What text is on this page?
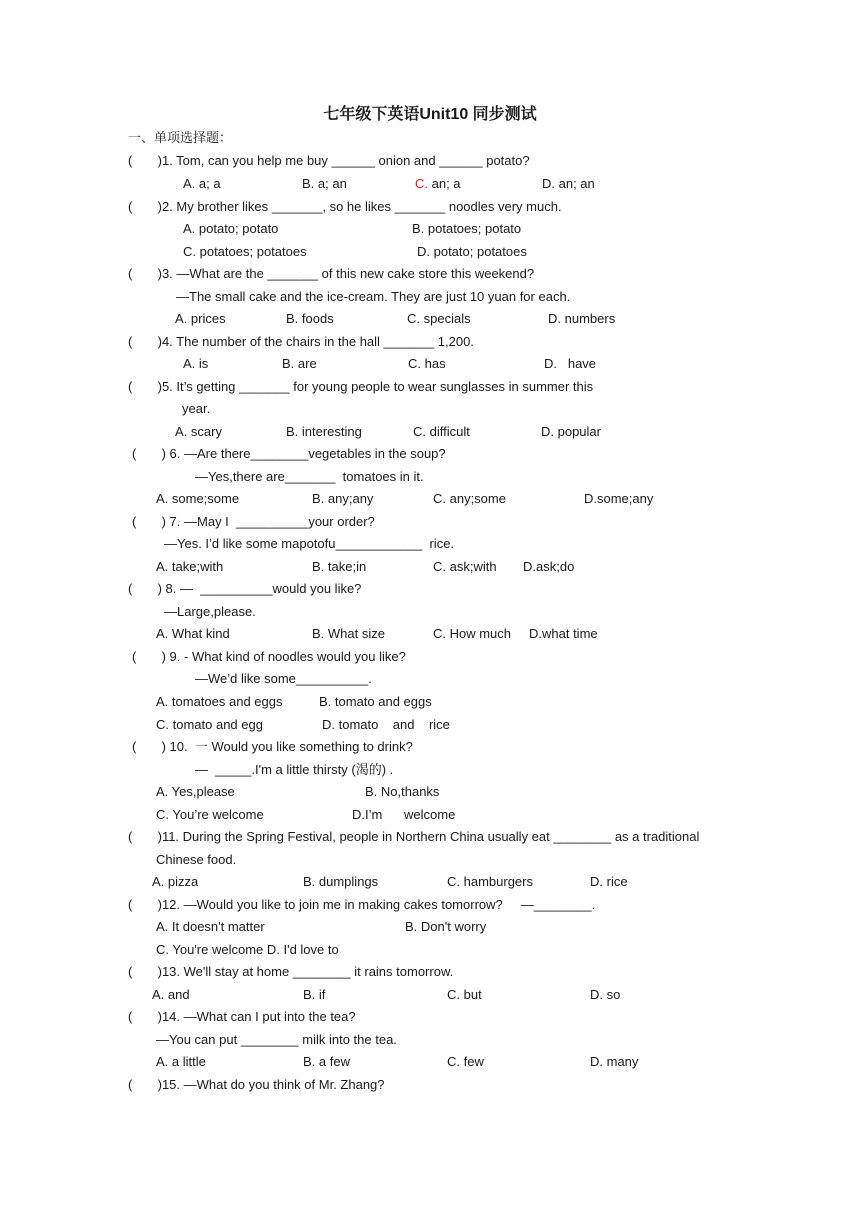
七年级下英语Unit10 同步测试
一、单项选择题：
(       )1. Tom, can you help me buy ______ onion and ______ potato?
A. a; a	B. a; an	C. an; a	D. an; an
(       )2. My brother likes _______, so he likes _______ noodles very much.
A. potato; potato	B. potatoes; potato
C. potatoes; potatoes	D. potato; potatoes
(       )3. —What are the _______ of this new cake store this weekend?
—The small cake and the ice-cream. They are just 10 yuan for each.
A. prices	B. foods	C. specials	D. numbers
(       )4. The number of the chairs in the hall _______ 1,200.
A. is	B. are	C. has	D.   have
(       )5. It’s getting _______ for young people to wear sunglasses in summer this
year.
A. scary	B. interesting	C. difficult	D. popular
(       ) 6. —Are there________vegetables in the soup?
—Yes,there are_______  tomatoes in it.
A. some;some	B. any;any	C. any;some	D.some;any
(       ) 7. —May I  __________your order?
—Yes. I’d like some mapotofu____________  rice.
A. take;with	B. take;in	C. ask;with D.ask;do
(       ) 8. —  __________would you like?
—Large,please.
A. What kind	B. What size	C. How much D.what time
(       ) 9. - What kind of noodles would you like?
—We’d like some__________.
A. tomatoes and eggs	B. tomato and eggs
C. tomato and egg	D. tomato    and    rice
(       ) 10.  一 Would you like something to drink?
—  _____.I'm a little thirsty (渴的) .
A. Yes,please	B. No,thanks
C. You’re welcome	D.I’m      welcome
(       )11. During the Spring Festival, people in Northern China usually eat ________ as a traditional
Chinese food.
A. pizza	B. dumplings	C. hamburgers	D. rice
(       )12. —Would you like to join me in making cakes tomorrow?     —________.
A. It doesn't matter	B. Don't worry
C. You're welcome D. I'd love to
(       )13. We'll stay at home ________ it rains tomorrow.
A. and	B. if	C. but	D. so
(       )14. —What can I put into the tea?
—You can put ________ milk into the tea.
A. a little	B. a few	C. few	D. many
(       )15. —What do you think of Mr. Zhang?
